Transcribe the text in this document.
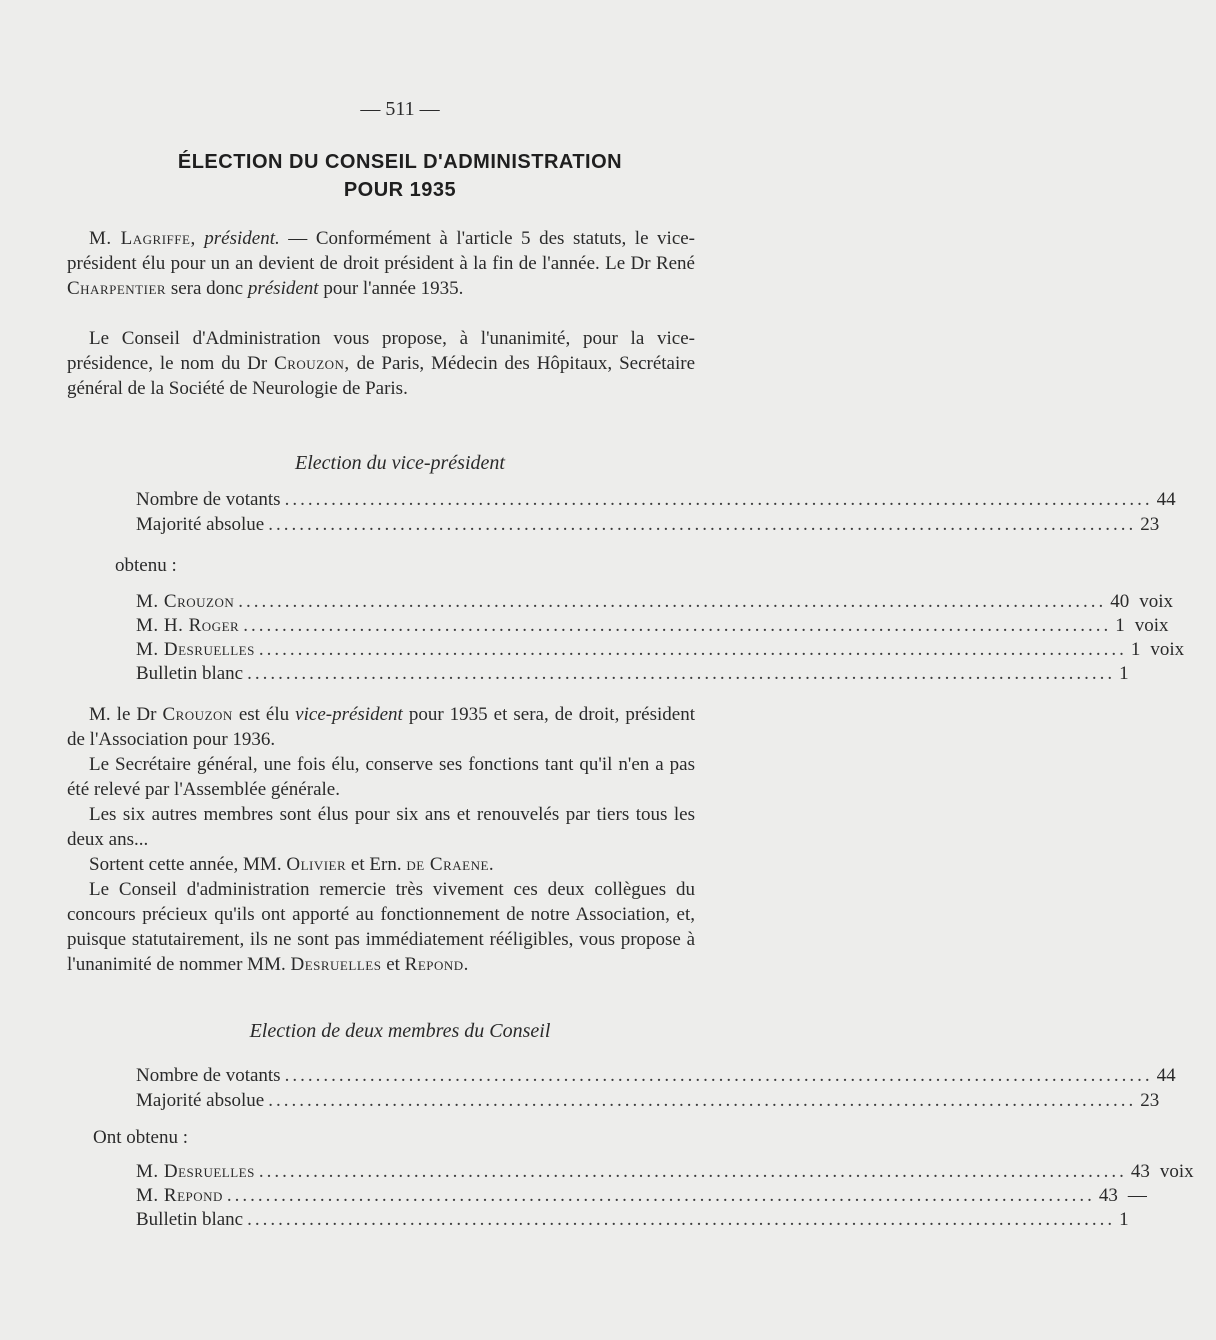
— 511 —
ÉLECTION DU CONSEIL D'ADMINISTRATION
POUR 1935

M. Lagriffe, président. — Conformément à l'article 5 des statuts, le vice-président élu pour un an devient de droit président à la fin de l'année. Le Dr René Charpentier sera donc président pour l'année 1935.

Le Conseil d'Administration vous propose, à l'unanimité, pour la vice-présidence, le nom du Dr Crouzon, de Paris, Médecin des Hôpitaux, Secrétaire général de la Société de Neurologie de Paris.

Election du vice-président
Nombre de votants ................................................................................................................ 44
Majorité absolue ................................................................................................................ 23
obtenu :
M. Crouzon ................................................................................................................ 40 voix
M. H. Roger ................................................................................................................ 1 voix
M. Desruelles ................................................................................................................ 1 voix
Bulletin blanc ................................................................................................................ 1

M. le Dr Crouzon est élu vice-président pour 1935 et sera, de droit, président de l'Association pour 1936.

Le Secrétaire général, une fois élu, conserve ses fonctions tant qu'il n'en a pas été relevé par l'Assemblée générale.

Les six autres membres sont élus pour six ans et renouvelés par tiers tous les deux ans...

Sortent cette année, MM. Olivier et Ern. de Craene.

Le Conseil d'administration remercie très vivement ces deux collègues du concours précieux qu'ils ont apporté au fonctionnement de notre Association, et, puisque statutairement, ils ne sont pas immédiatement rééligibles, vous propose à l'unanimité de nommer MM. Desruelles et Repond.

Election de deux membres du Conseil
Nombre de votants ................................................................................................................ 44
Majorité absolue ................................................................................................................ 23
Ont obtenu :
M. Desruelles ................................................................................................................ 43 voix
M. Repond ................................................................................................................ 43 —
Bulletin blanc ................................................................................................................ 1
